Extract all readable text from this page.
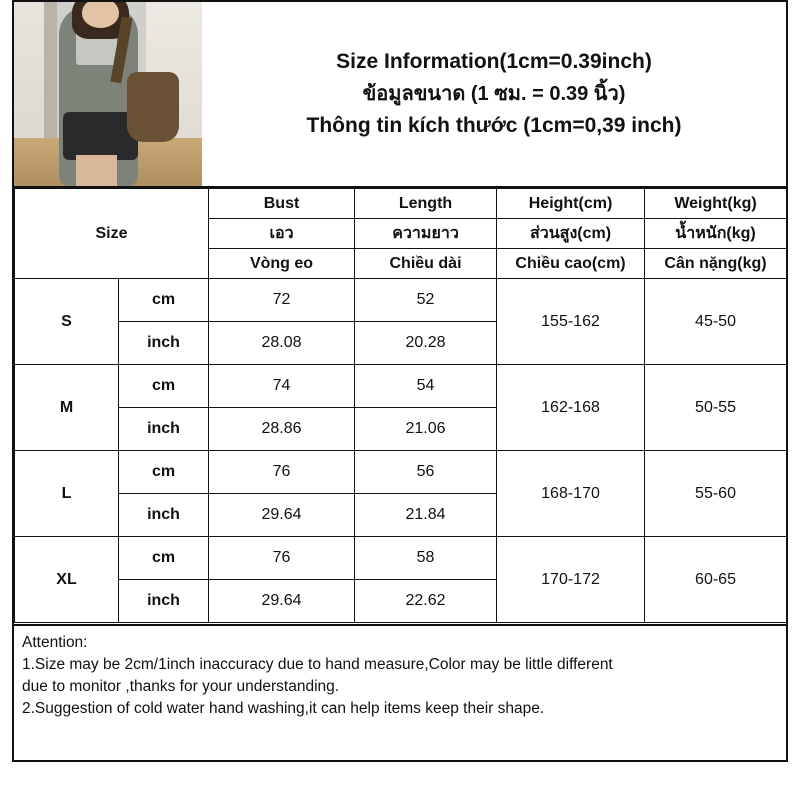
Size Information(1cm=0.39inch)
ข้อมูลขนาด (1 ซม. = 0.39 นิ้ว)
Thông tin kích thước (1cm=0,39 inch)
Size		Bust	Length	Height(cm)	Weight(kg)
		เอว	ความยาว	ส่วนสูง(cm)	น้ำหนัก(kg)
		Vòng eo	Chiều dài	Chiều cao(cm)	Cân nặng(kg)
S	cm	72	52	155-162	45-50
	inch	28.08	20.28		
M	cm	74	54	162-168	50-55
	inch	28.86	21.06		
L	cm	76	56	168-170	55-60
	inch	29.64	21.84		
XL	cm	76	58	170-172	60-65
	inch	29.64	22.62		

Attention:

1.Size may be 2cm/1inch inaccuracy due to hand measure,Color may be little different

due to monitor ,thanks for your understanding.

2.Suggestion of cold water hand washing,it can help items keep their shape.
